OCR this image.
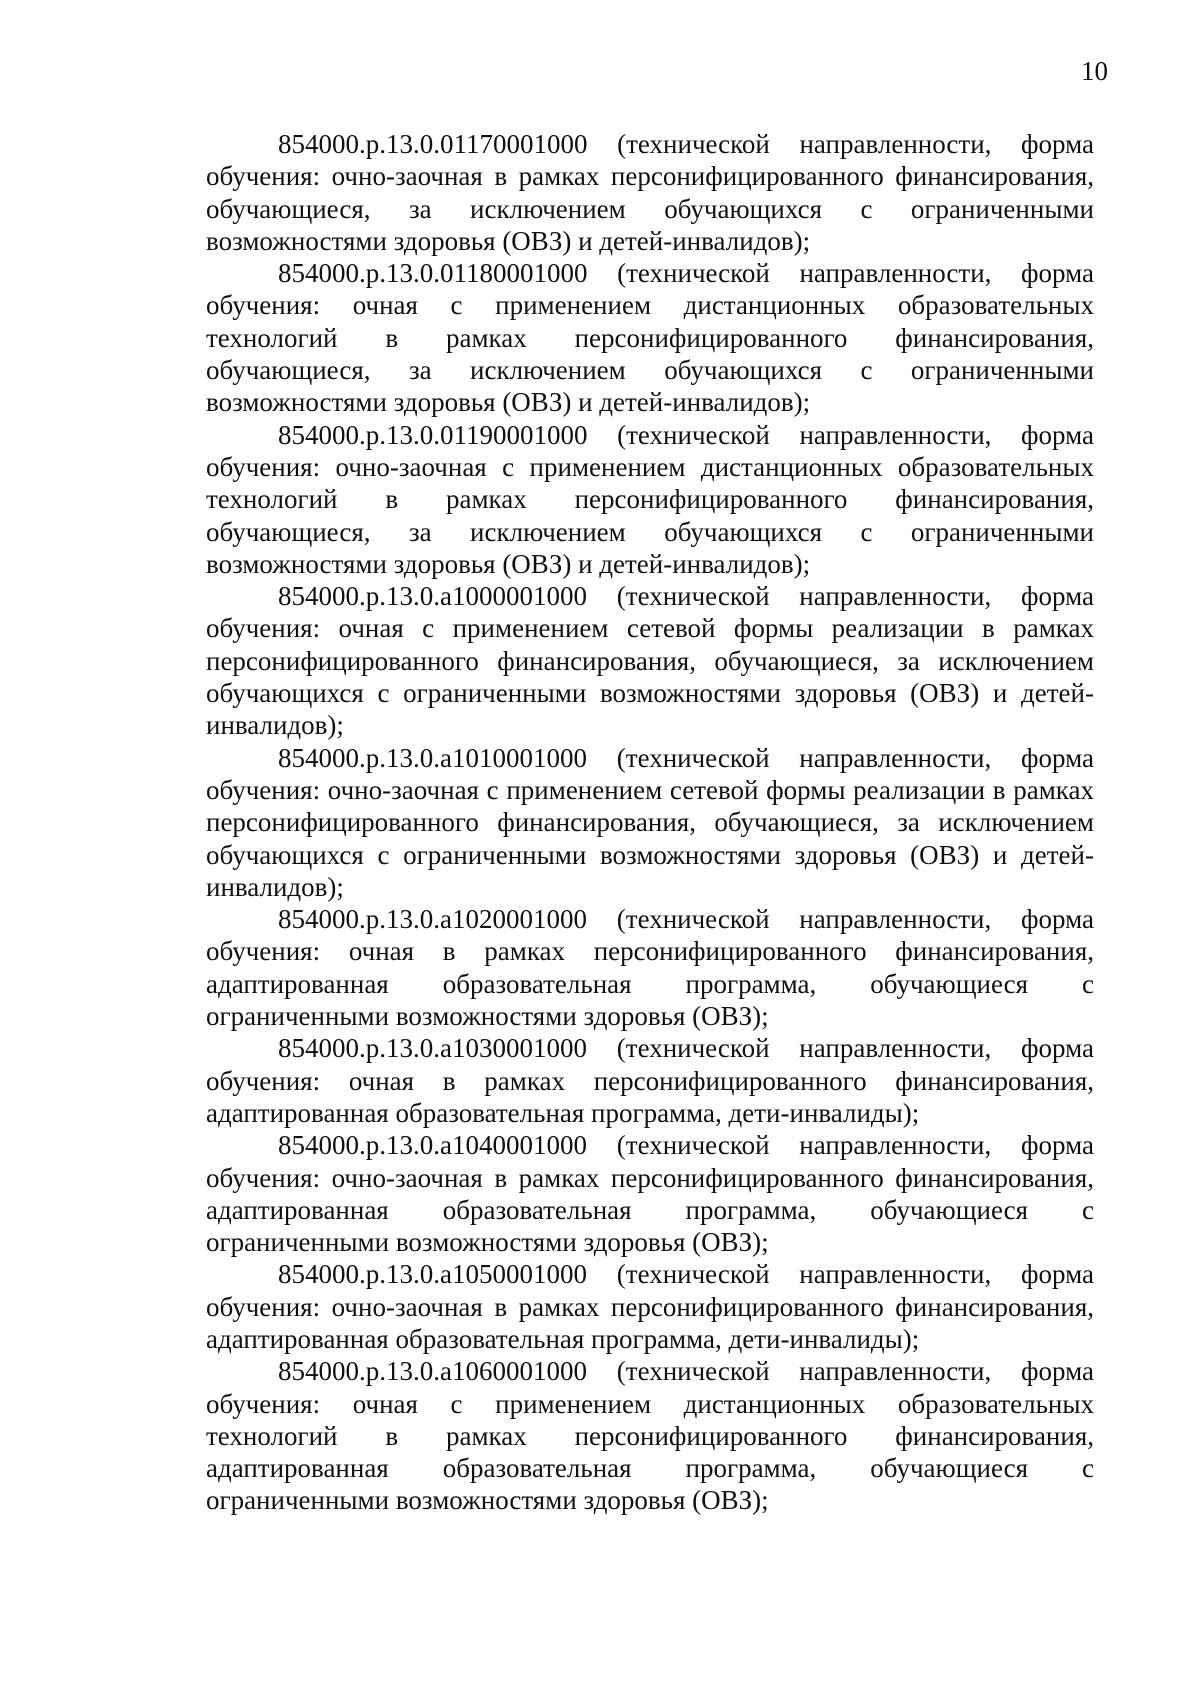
10

854000.р.13.0.01170001000 (технической направленности, форма обучения: очно-заочная в рамках персонифицированного финансирования, обучающиеся, за исключением обучающихся с ограниченными возможностями здоровья (ОВЗ) и детей-инвалидов);

854000.р.13.0.01180001000 (технической направленности, форма обучения: очная с применением дистанционных образовательных технологий в рамках персонифицированного финансирования, обучающиеся, за исключением обучающихся с ограниченными возможностями здоровья (ОВЗ) и детей-инвалидов);

854000.р.13.0.01190001000 (технической направленности, форма обучения: очно-заочная с применением дистанционных образовательных технологий в рамках персонифицированного финансирования, обучающиеся, за исключением обучающихся с ограниченными возможностями здоровья (ОВЗ) и детей-инвалидов);

854000.р.13.0.а1000001000 (технической направленности, форма обучения: очная с применением сетевой формы реализации в рамках персонифицированного финансирования, обучающиеся, за исключением обучающихся с ограниченными возможностями здоровья (ОВЗ) и детей-инвалидов);

854000.р.13.0.а1010001000 (технической направленности, форма обучения: очно-заочная с применением сетевой формы реализации в рамках персонифицированного финансирования, обучающиеся, за исключением обучающихся с ограниченными возможностями здоровья (ОВЗ) и детей-инвалидов);

854000.р.13.0.а1020001000 (технической направленности, форма обучения: очная в рамках персонифицированного финансирования, адаптированная образовательная программа, обучающиеся с ограниченными возможностями здоровья (ОВЗ);

854000.р.13.0.а1030001000 (технической направленности, форма обучения: очная в рамках персонифицированного финансирования, адаптированная образовательная программа, дети-инвалиды);

854000.р.13.0.а1040001000 (технической направленности, форма обучения: очно-заочная в рамках персонифицированного финансирования, адаптированная образовательная программа, обучающиеся с ограниченными возможностями здоровья (ОВЗ);

854000.р.13.0.а1050001000 (технической направленности, форма обучения: очно-заочная в рамках персонифицированного финансирования, адаптированная образовательная программа, дети-инвалиды);

854000.р.13.0.а1060001000 (технической направленности, форма обучения: очная с применением дистанционных образовательных технологий в рамках персонифицированного финансирования, адаптированная образовательная программа, обучающиеся с ограниченными возможностями здоровья (ОВЗ);
